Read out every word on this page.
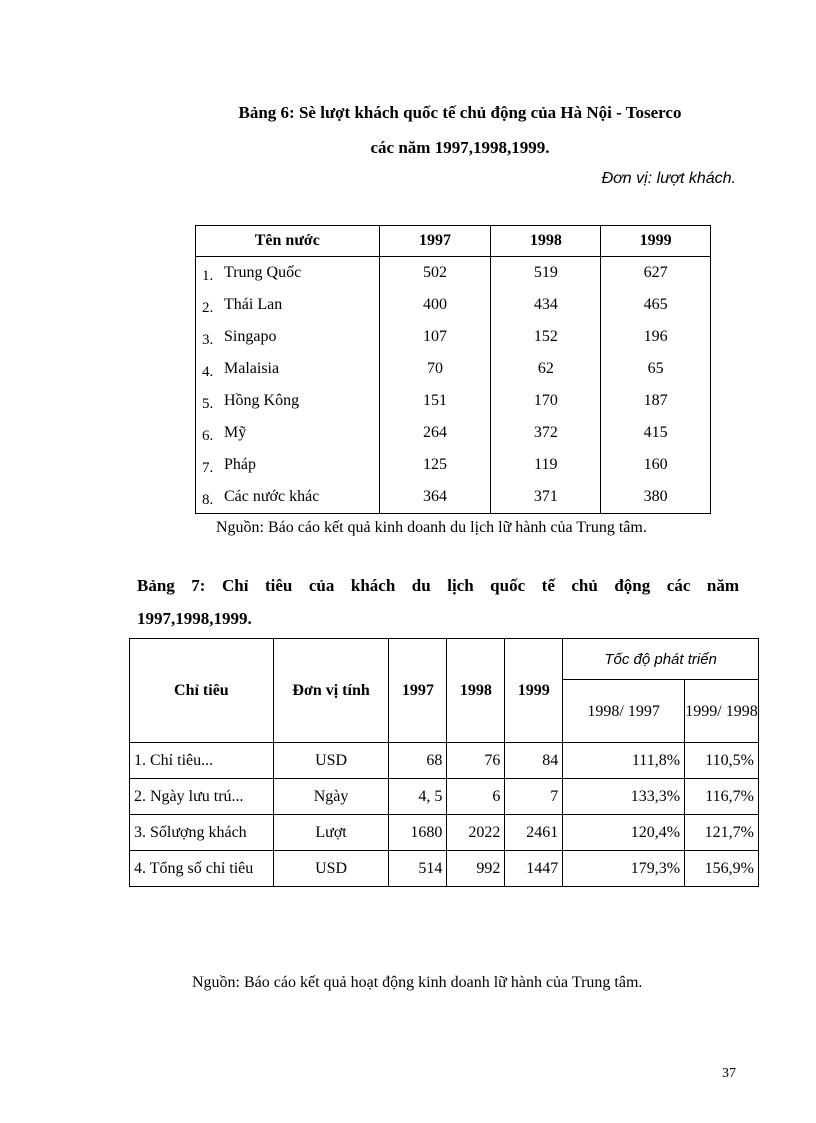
Bảng 6: Sè lượt khách quốc tế chủ động của Hà Nội - Toserco
các năm 1997,1998,1999.
Đơn vị: lượt khách.
Tên nước	1997	1998	1999
1. Trung Quốc	502	519	627
2. Thái Lan	400	434	465
3. Singapo	107	152	196
4. Malaisia	70	62	65
5. Hồng Kông	151	170	187
6. Mỹ	264	372	415
7. Pháp	125	119	160
8. Các nước khác	364	371	380
Nguồn: Báo cáo kết quả kinh doanh du lịch lữ hành của Trung tâm.
Bảng 7: Chỉ tiêu của khách du lịch quốc tế chủ động các năm
1997,1998,1999.
Chỉ tiêu	Đơn vị tính	1997	1998	1999	Tốc độ phát triển	
					1998/ 1997	1999/ 1998
1. Chỉ tiêu...	USD	68	76	84	111,8%	110,5%
2. Ngày lưu trú...	Ngày	4, 5	6	7	133,3%	116,7%
3. Sốlượng khách	Lượt	1680	2022	2461	120,4%	121,7%
4. Tổng số chỉ tiêu	USD	514	992	1447	179,3%	156,9%
Nguồn: Báo cáo kết quả hoạt động kinh doanh lữ hành của Trung tâm.
37
